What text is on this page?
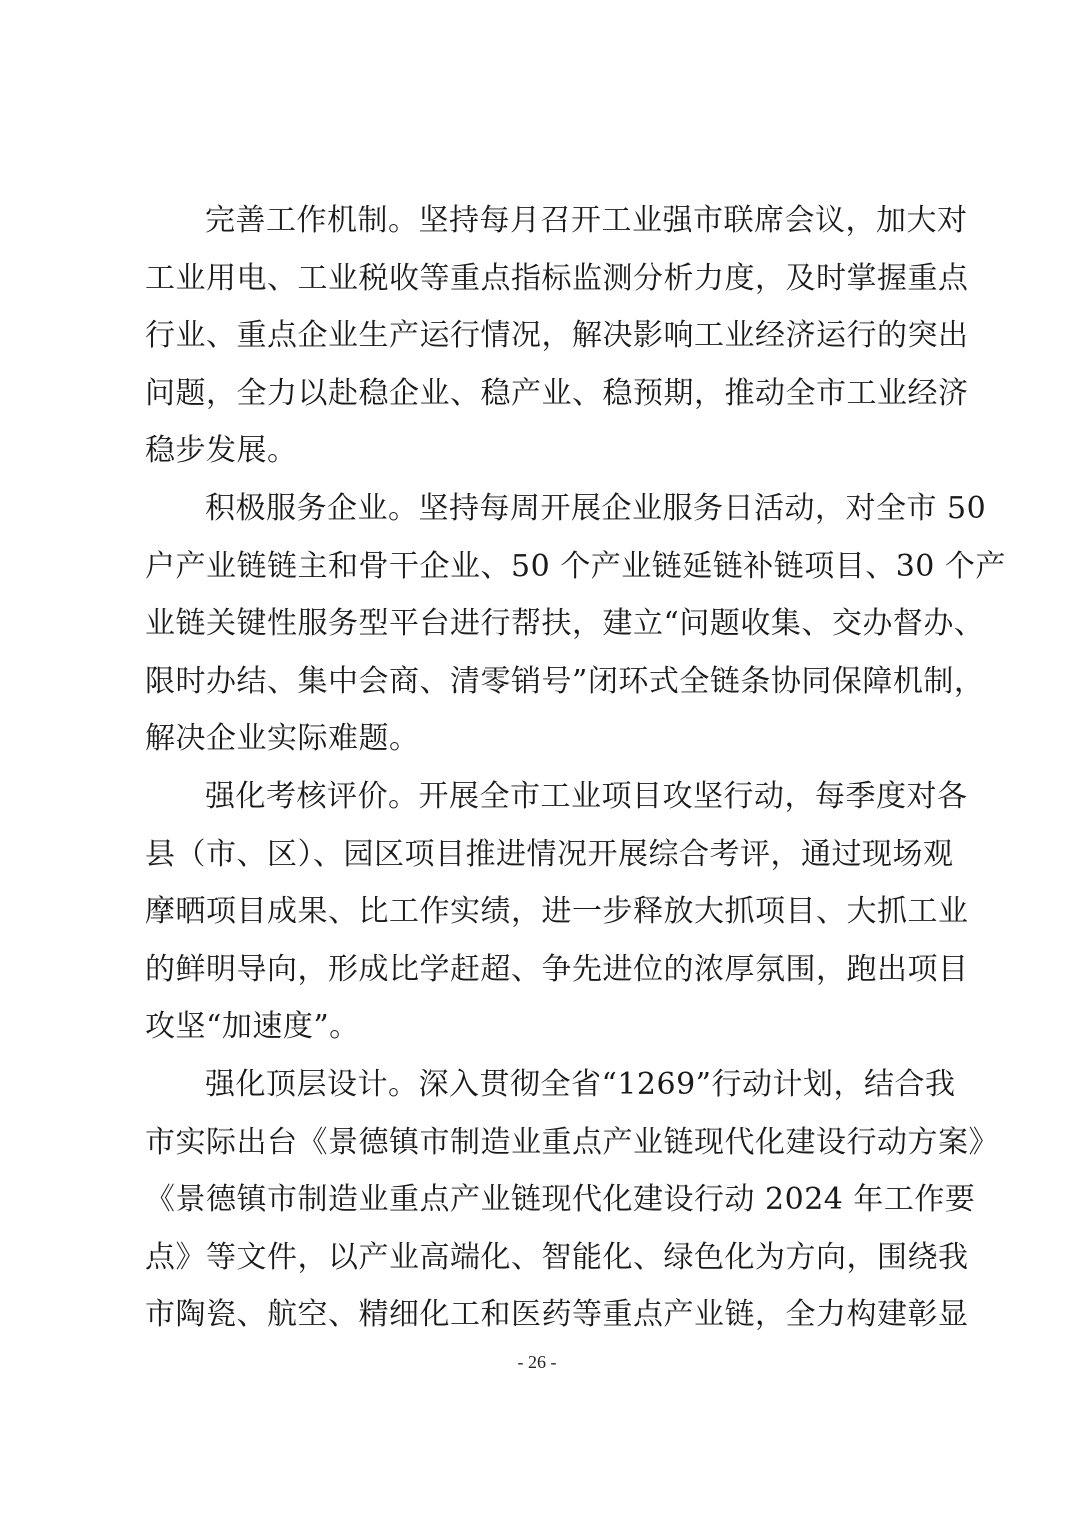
完善工作机制。坚持每月召开工业强市联席会议，加大对
工业用电、工业税收等重点指标监测分析力度，及时掌握重点
行业、重点企业生产运行情况，解决影响工业经济运行的突出
问题，全力以赴稳企业、稳产业、稳预期，推动全市工业经济
稳步发展。
积极服务企业。坚持每周开展企业服务日活动，对全市 50
户产业链链主和骨干企业、50 个产业链延链补链项目、30 个产
业链关键性服务型平台进行帮扶，建立“问题收集、交办督办、
限时办结、集中会商、清零销号”闭环式全链条协同保障机制，
解决企业实际难题。
强化考核评价。开展全市工业项目攻坚行动，每季度对各
县（市、区）、园区项目推进情况开展综合考评，通过现场观
摩晒项目成果、比工作实绩，进一步释放大抓项目、大抓工业
的鲜明导向，形成比学赶超、争先进位的浓厚氛围，跑出项目
攻坚“加速度”。
强化顶层设计。深入贯彻全省“1269”行动计划，结合我
市实际出台《景德镇市制造业重点产业链现代化建设行动方案》
《景德镇市制造业重点产业链现代化建设行动 2024 年工作要
点》等文件，以产业高端化、智能化、绿色化为方向，围绕我
市陶瓷、航空、精细化工和医药等重点产业链，全力构建彰显
- 26 -
